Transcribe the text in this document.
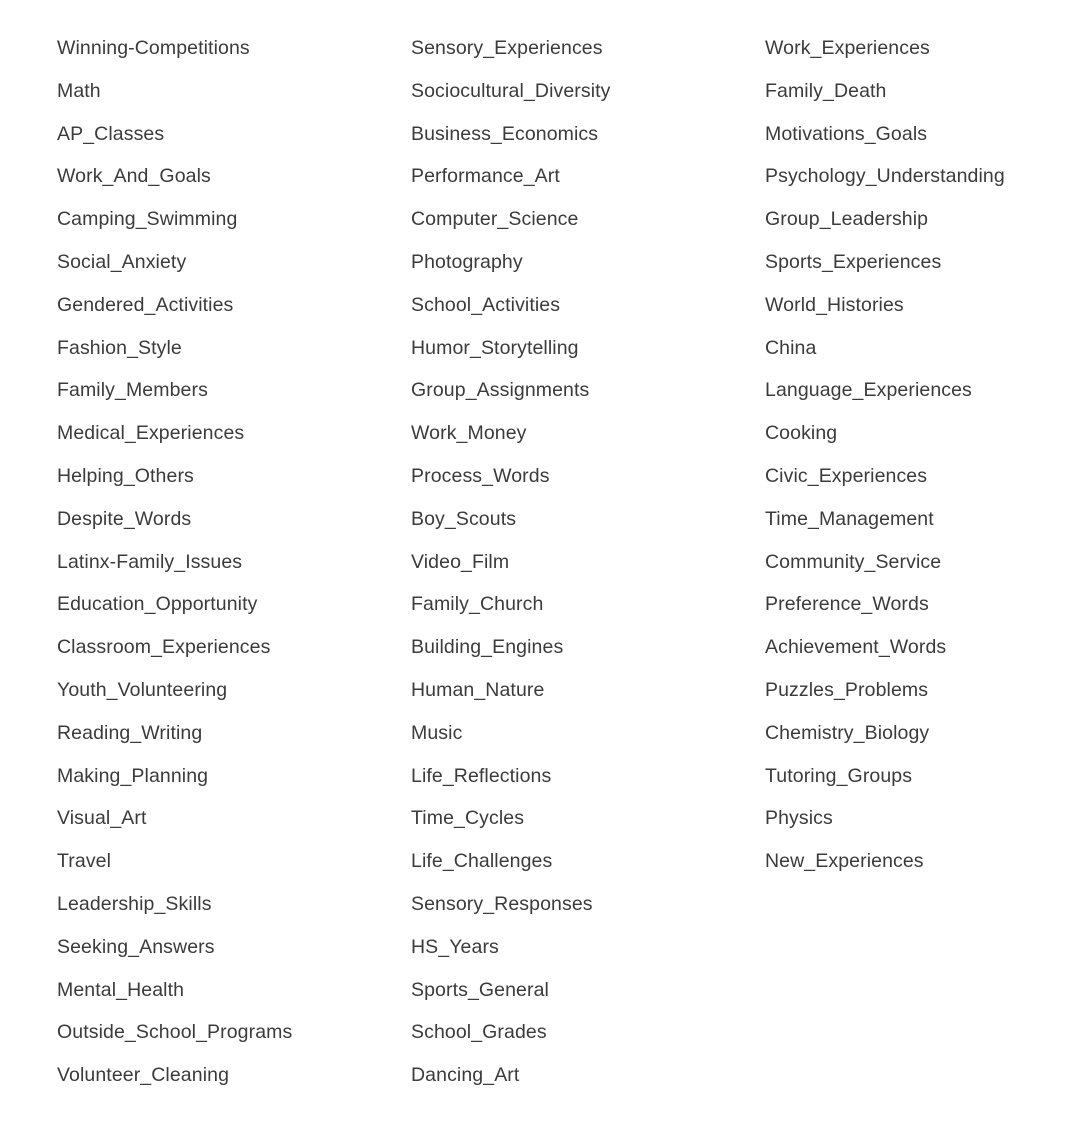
Winning-Competitions
Math
AP_Classes
Work_And_Goals
Camping_Swimming
Social_Anxiety
Gendered_Activities
Fashion_Style
Family_Members
Medical_Experiences
Helping_Others
Despite_Words
Latinx-Family_Issues
Education_Opportunity
Classroom_Experiences
Youth_Volunteering
Reading_Writing
Making_Planning
Visual_Art
Travel
Leadership_Skills
Seeking_Answers
Mental_Health
Outside_School_Programs
Volunteer_Cleaning
Sensory_Experiences
Sociocultural_Diversity
Business_Economics
Performance_Art
Computer_Science
Photography
School_Activities
Humor_Storytelling
Group_Assignments
Work_Money
Process_Words
Boy_Scouts
Video_Film
Family_Church
Building_Engines
Human_Nature
Music
Life_Reflections
Time_Cycles
Life_Challenges
Sensory_Responses
HS_Years
Sports_General
School_Grades
Dancing_Art
Work_Experiences
Family_Death
Motivations_Goals
Psychology_Understanding
Group_Leadership
Sports_Experiences
World_Histories
China
Language_Experiences
Cooking
Civic_Experiences
Time_Management
Community_Service
Preference_Words
Achievement_Words
Puzzles_Problems
Chemistry_Biology
Tutoring_Groups
Physics
New_Experiences
